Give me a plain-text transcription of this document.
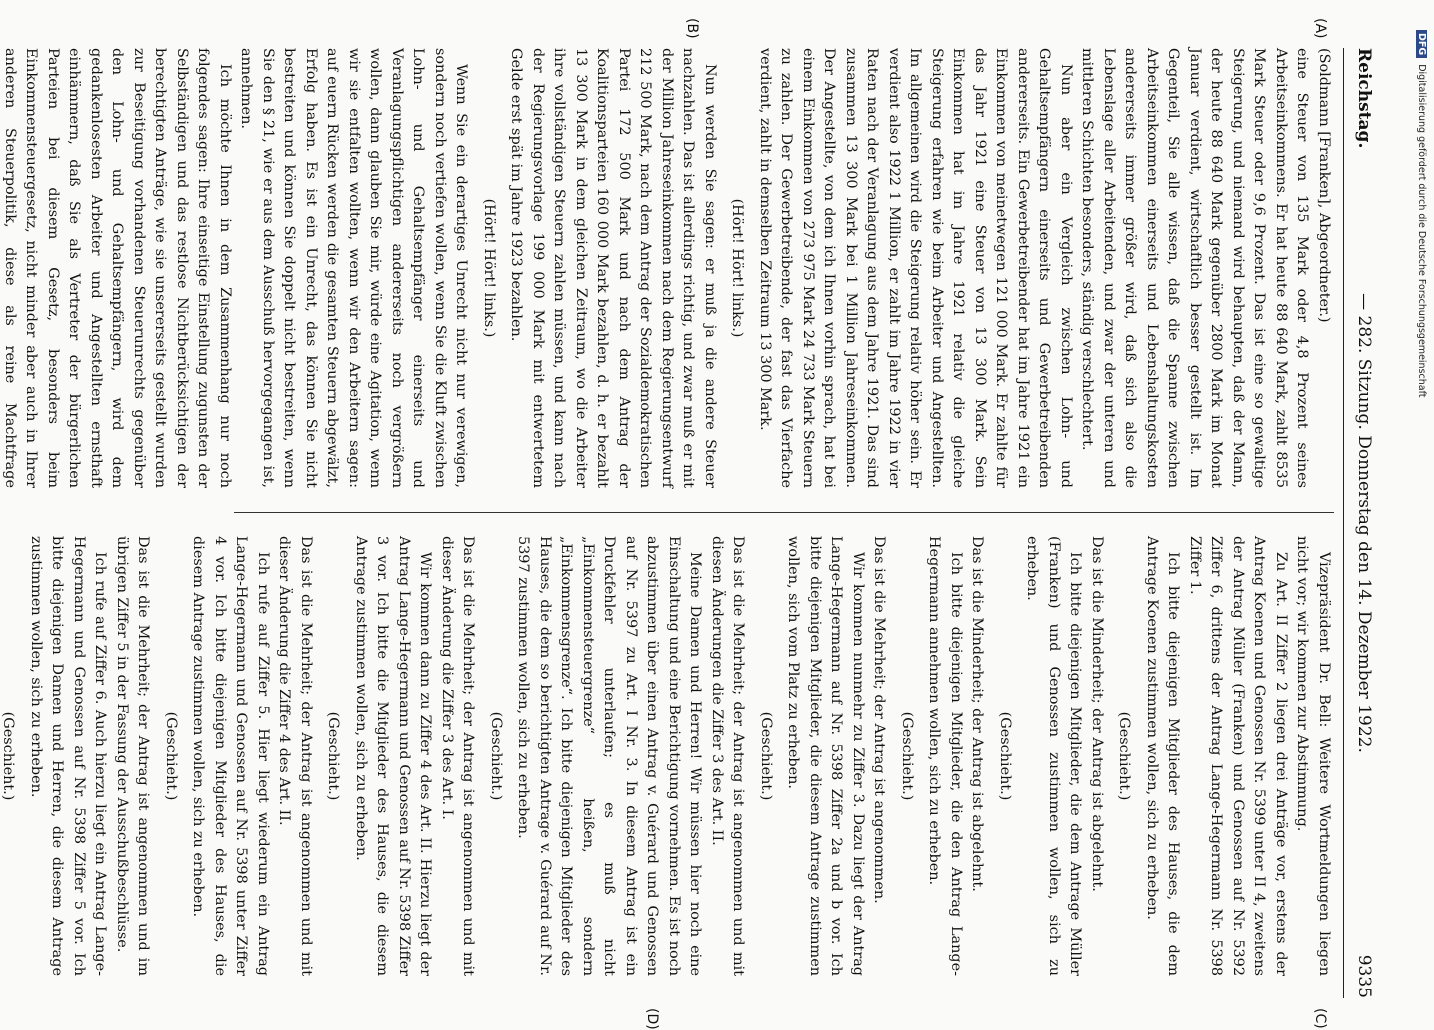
Reichstag.
— 282. Sitzung. Donnerstag den 14. Dezember 1922.
9335
(A)
(B)
(C)
(D)

(Soldmann [Franken], Abgeordneter.)

eine Steuer von 135 Mark oder 4,8 Prozent seines Arbeitseinkommens. Er hat heute 88 640 Mark, zahlt 8535 Mark Steuer oder 9,6 Prozent. Das ist eine so gewaltige Steigerung, und niemand wird behaupten, daß der Mann, der heute 88 640 Mark gegenüber 2800 Mark im Monat Januar verdient, wirtschaftlich besser gestellt ist. Im Gegenteil, Sie alle wissen, daß die Spanne zwischen Arbeitseinkommen einerseits und Lebenshaltungskosten andererseits immer größer wird, daß sich also die Lebenslage aller Arbeitenden, und zwar der unteren und mittleren Schichten besonders, ständig verschlechtert.

Nun aber ein Vergleich zwischen Lohn- und Gehaltsempfängern einerseits und Gewerbetreibenden andererseits. Ein Gewerbetreibender hat im Jahre 1921 ein Einkommen von meinetwegen 121 000 Mark. Er zahlte für das Jahr 1921 eine Steuer von 13 300 Mark. Sein Einkommen hat im Jahre 1921 relativ die gleiche Steigerung erfahren wie beim Arbeiter und Angestellten. Im allgemeinen wird die Steigerung relativ höher sein. Er verdient also 1922 1 Million, er zahlt im Jahre 1922 in vier Raten nach der Veranlagung aus dem Jahre 1921. Das sind zusammen 13 300 Mark bei 1 Million Jahreseinkommen. Der Angestellte, von dem ich Ihnen vorhin sprach, hat bei einem Einkommen von 273 975 Mark 24 733 Mark Steuern zu zahlen. Der Gewerbetreibende, der fast das Vierfache verdient, zahlt in demselben Zeitraum 13 300 Mark.

(Hört! Hört! links.)

Nun werden Sie sagen: er muß ja die andere Steuer nachzahlen. Das ist allerdings richtig, und zwar muß er mit der Million Jahreseinkommen nach dem Regierungsentwurf 212 500 Mark, nach dem Antrag der Sozialdemokratischen Partei 172 500 Mark und nach dem Antrag der Koalitionsparteien 160 000 Mark bezahlen, d. h. er bezahlt 13 300 Mark in dem gleichen Zeitraum, wo die Arbeiter ihre vollständigen Steuern zahlen müssen, und kann nach der Regierungsvorlage 199 000 Mark mit entwertetem Gelde erst spät im Jahre 1923 bezahlen.

(Hört! Hört! links.)

Wenn Sie ein derartiges Unrecht nicht nur verewigen, sondern noch vertiefen wollen, wenn Sie die Kluft zwischen Lohn- und Gehaltsempfänger einerseits und Veranlagungspflichtigen andererseits noch vergrößern wollen, dann glauben Sie mir, würde eine Agitation, wenn wir sie entfalten wollten, wenn wir den Arbeitern sagen: auf euern Rücken werden die gesamten Steuern abgewälzt, Erfolg haben. Es ist ein Unrecht, das können Sie nicht bestreiten und können Sie doppelt nicht bestreiten, wenn Sie den § 21, wie er aus dem Ausschuß hervorgegangen ist, annehmen.

Ich möchte Ihnen in dem Zusammenhang nur noch folgendes sagen: Ihre einseitige Einstellung zugunsten der Selbständigen und das restlose Nichtberücksichtigen der berechtigten Anträge, wie sie unsererseits gestellt wurden zur Beseitigung vorhandenen Steuerunrechts gegenüber den Lohn- und Gehaltsempfängern, wird dem gedankenlosesten Arbeiter und Angestellten ernsthaft einhämmern, daß Sie als Vertreter der bürgerlichen Parteien bei diesem Gesetz, besonders beim Einkommensteuergesetz, nicht minder aber auch in Ihrer anderen Steuerpolitik, diese als reine Machtfrage

Vizepräsident Dr. Bell: Weitere Wortmeldungen liegen nicht vor; wir kommen zur Abstimmung.

Zu Art. II Ziffer 2 liegen drei Anträge vor, erstens der Antrag Koenen und Genossen Nr. 5399 unter II 4, zweitens der Antrag Müller (Franken) und Genossen auf Nr. 5392 Ziffer 6, drittens der Antrag Lange-Hegermann Nr. 5398 Ziffer 1.

Ich bitte diejenigen Mitglieder des Hauses, die dem Antrage Koenen zustimmen wollen, sich zu erheben.

(Geschieht.)

Das ist die Minderheit; der Antrag ist abgelehnt.

Ich bitte diejenigen Mitglieder, die dem Antrage Müller (Franken) und Genossen zustimmen wollen, sich zu erheben.

(Geschieht.)

Das ist die Minderheit; der Antrag ist abgelehnt.

Ich bitte diejenigen Mitglieder, die den Antrag Lange-Hegermann annehmen wollen, sich zu erheben.

(Geschieht.)

Das ist die Mehrheit; der Antrag ist angenommen.

Wir kommen nunmehr zu Ziffer 3. Dazu liegt der Antrag Lange-Hegermann auf Nr. 5398 Ziffer 2a und b vor. Ich bitte diejenigen Mitglieder, die diesem Antrage zustimmen wollen, sich vom Platz zu erheben.

(Geschieht.)

Das ist die Mehrheit; der Antrag ist angenommen und mit diesen Änderungen die Ziffer 3 des Art. II.

Meine Damen und Herren! Wir müssen hier noch eine Einschaltung und eine Berichtigung vornehmen. Es ist noch abzustimmen über einen Antrag v. Guérard und Genossen auf Nr. 5397 zu Art. I Nr. 3. In diesem Antrag ist ein Druckfehler unterlaufen; es muß nicht „Einkommensteuergrenze“ heißen, sondern „Einkommensgrenze“. Ich bitte diejenigen Mitglieder des Hauses, die dem so berichtigten Antrage v. Guérard auf Nr. 5397 zustimmen wollen, sich zu erheben.

(Geschieht.)

Das ist die Mehrheit; der Antrag ist angenommen und mit dieser Änderung die Ziffer 3 des Art. I.

Wir kommen dann zu Ziffer 4 des Art. II. Hierzu liegt der Antrag Lange-Hegermann und Genossen auf Nr. 5398 Ziffer 3 vor. Ich bitte die Mitglieder des Hauses, die diesem Antrage zustimmen wollen, sich zu erheben.

(Geschieht.)

Das ist die Mehrheit; der Antrag ist angenommen und mit dieser Änderung die Ziffer 4 des Art. II.

Ich rufe auf Ziffer 5. Hier liegt wiederum ein Antrag Lange-Hegermann und Genossen auf Nr. 5398 unter Ziffer 4 vor. Ich bitte diejenigen Mitglieder des Hauses, die diesem Antrage zustimmen wollen, sich zu erheben.

(Geschieht.)

Das ist die Mehrheit; der Antrag ist angenommen und im übrigen Ziffer 5 in der Fassung der Ausschußbeschlüsse.

Ich rufe auf Ziffer 6. Auch hierzu liegt ein Antrag Lange-Hegermann und Genossen auf Nr. 5398 Ziffer 5 vor. Ich bitte diejenigen Damen und Herren, die diesem Antrage zustimmen wollen, sich zu erheben.

(Geschieht.)

DFGDigitalisierung gefördert durch die Deutsche Forschungsgemeinschaft
